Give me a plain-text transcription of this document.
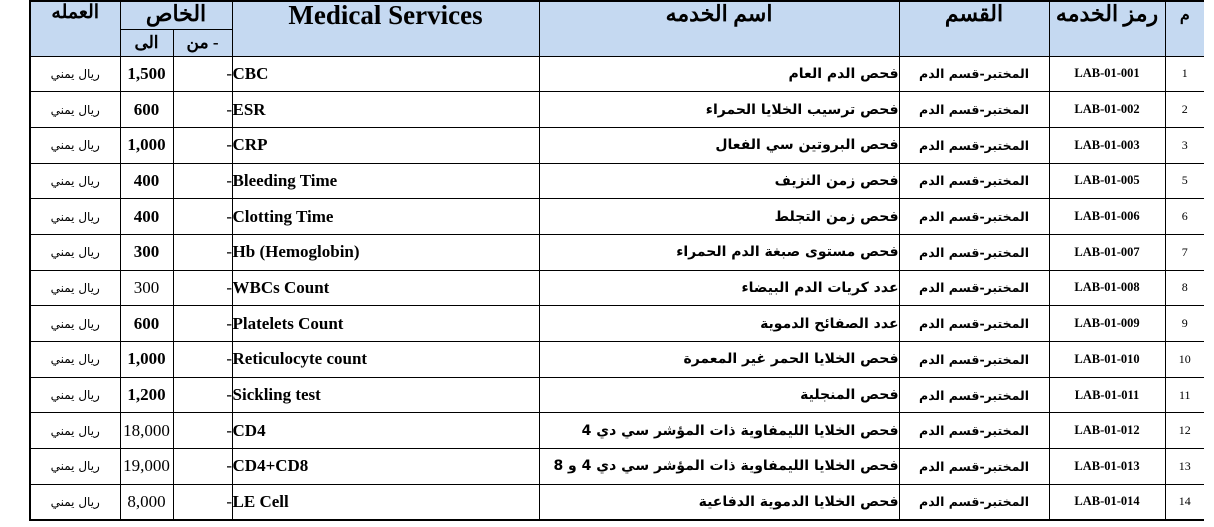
العمله	الخاص		Medical Services	اسم الخدمه	القسم	رمز الخدمه	م
	الى	من -					
ريال يمني	1,500	-		CBC	فحص الدم العام	المختبر-قسم الدم	LAB-01-001	1
ريال يمني	600	-		ESR	فحص ترسيب الخلايا الحمراء	المختبر-قسم الدم	LAB-01-002	2
ريال يمني	1,000	-		CRP	فحص البروتين سي الفعال	المختبر-قسم الدم	LAB-01-003	3
ريال يمني	400	-		Bleeding Time	فحص زمن النزيف	المختبر-قسم الدم	LAB-01-005	5
ريال يمني	400	-		Clotting Time	فحص زمن التجلط	المختبر-قسم الدم	LAB-01-006	6
ريال يمني	300	-		Hb (Hemoglobin)	فحص مستوى صبغة الدم الحمراء	المختبر-قسم الدم	LAB-01-007	7
ريال يمني	300	-		WBCs Count	عدد كريات الدم البيضاء	المختبر-قسم الدم	LAB-01-008	8
ريال يمني	600	-		Platelets Count	عدد الصفائح الدموية	المختبر-قسم الدم	LAB-01-009	9
ريال يمني	1,000	-		Reticulocyte count	فحص الخلايا الحمر غير المعمرة	المختبر-قسم الدم	LAB-01-010	10
ريال يمني	1,200	-		Sickling test	فحص المنجلية	المختبر-قسم الدم	LAB-01-011	11
ريال يمني	18,000	-		CD4	فحص الخلايا الليمفاوية ذات المؤشر سي دي 4	المختبر-قسم الدم	LAB-01-012	12
ريال يمني	19,000	-		CD4+CD8	فحص الخلايا الليمفاوية ذات المؤشر سي دي 4 و 8	المختبر-قسم الدم	LAB-01-013	13
ريال يمني	8,000	-		LE Cell	فحص الخلايا الدموية الدفاعية	المختبر-قسم الدم	LAB-01-014	14
